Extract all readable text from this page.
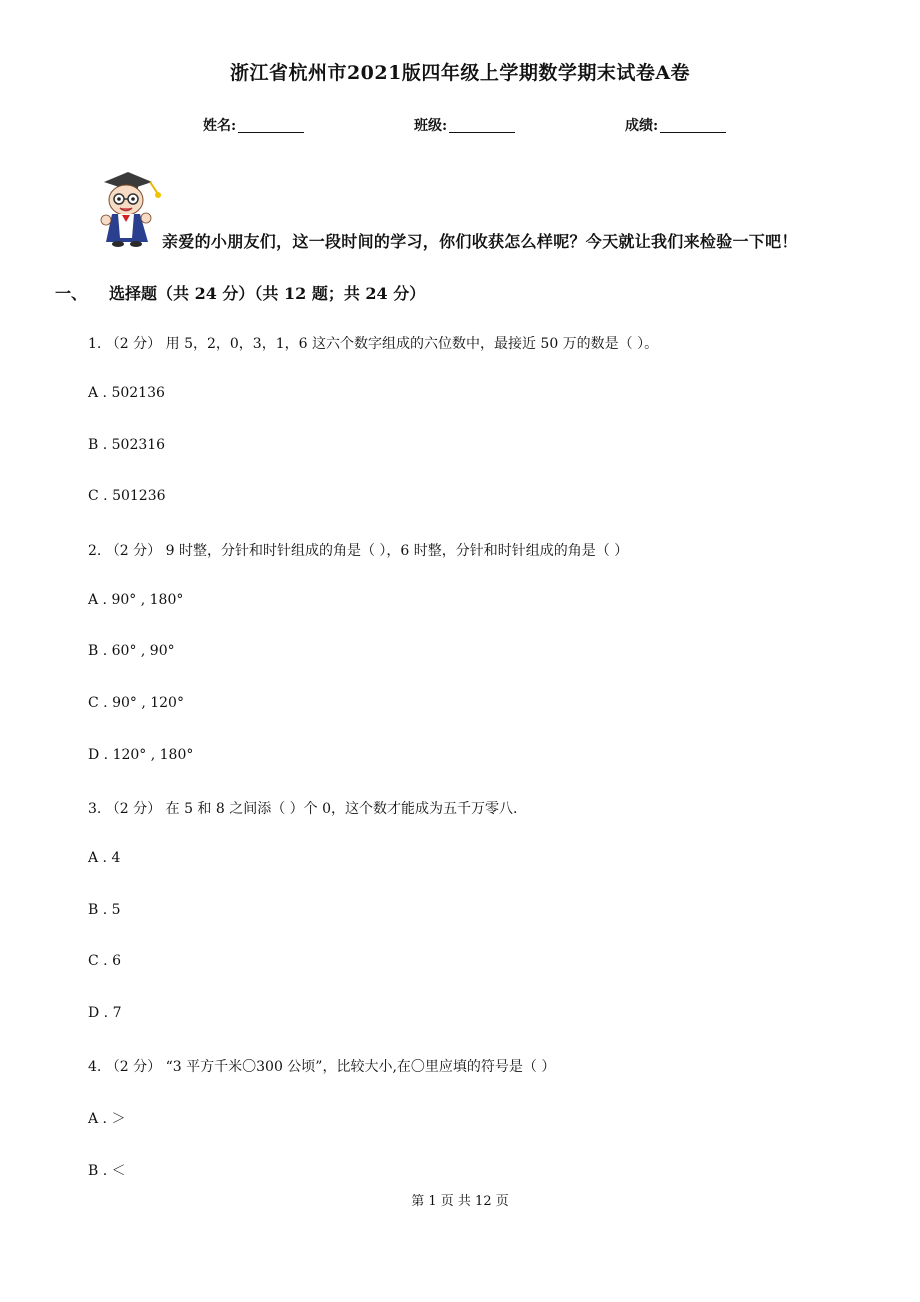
浙江省杭州市2021版四年级上学期数学期末试卷A卷
姓名:	班级:	成绩:
亲爱的小朋友们，这一段时间的学习，你们收获怎么样呢？今天就让我们来检验一下吧！
一、 选择题（共 24 分）（共 12 题；共 24 分）
1. （2 分） 用 5，2，0，3，1，6 这六个数字组成的六位数中，最接近 50 万的数是（ ）。
A . 502136
B . 502316
C . 501236
2. （2 分） 9 时整，分针和时针组成的角是（ ），6 时整，分针和时针组成的角是（ ）
A . 90° , 180°
B . 60° , 90°
C . 90° , 120°
D . 120° , 180°
3. （2 分） 在 5 和 8 之间添（ ）个 0，这个数才能成为五千万零八.
A . 4
B . 5
C . 6
D . 7
4. （2 分） “3 平方千米〇300 公顷”，比较大小,在〇里应填的符号是（ ）
A . ＞
B . ＜
第 1 页 共 12 页
